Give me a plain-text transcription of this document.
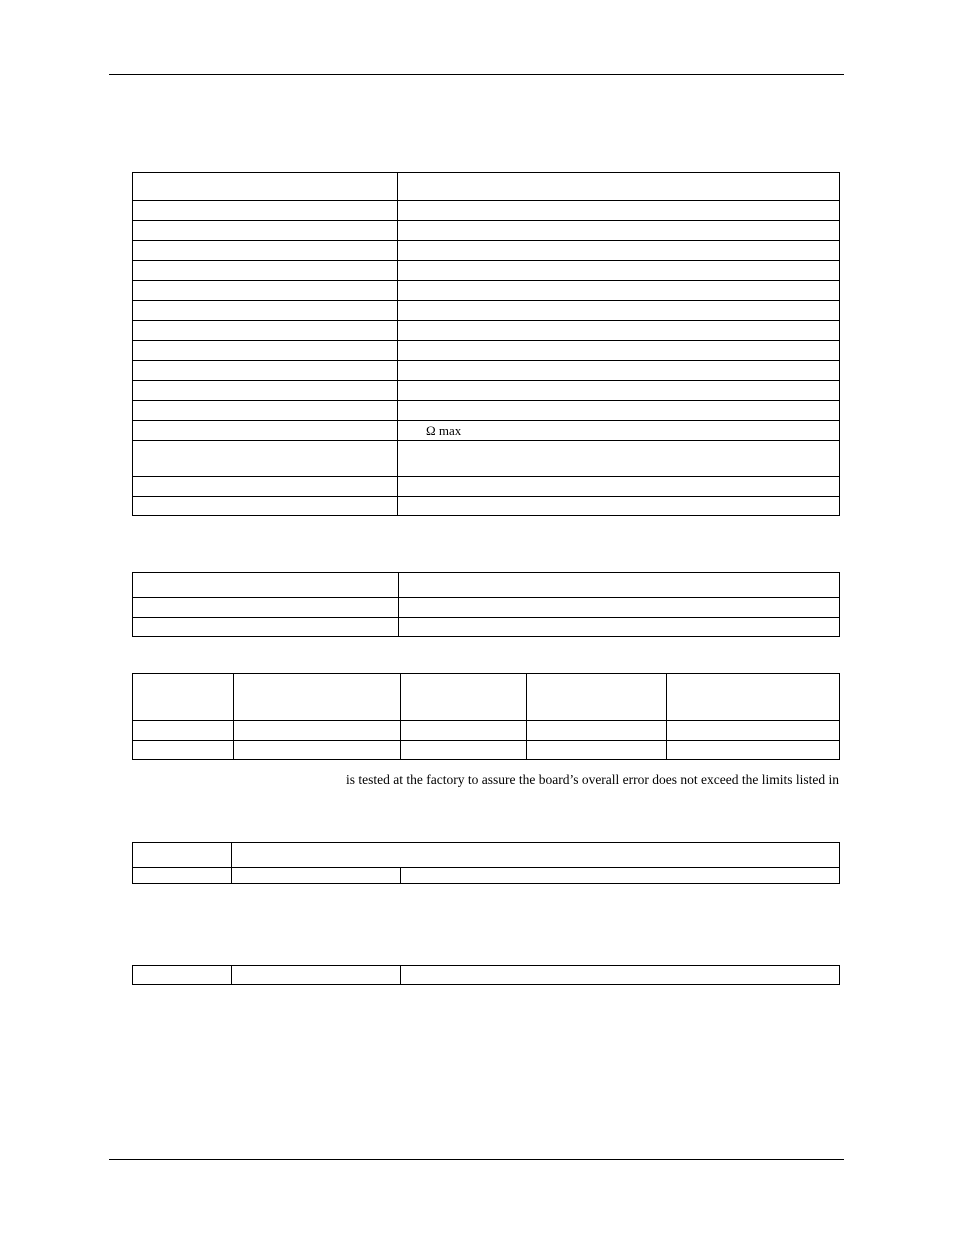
	Ω max

is tested at the factory to assure the board’s overall error does not exceed the limits listed in
